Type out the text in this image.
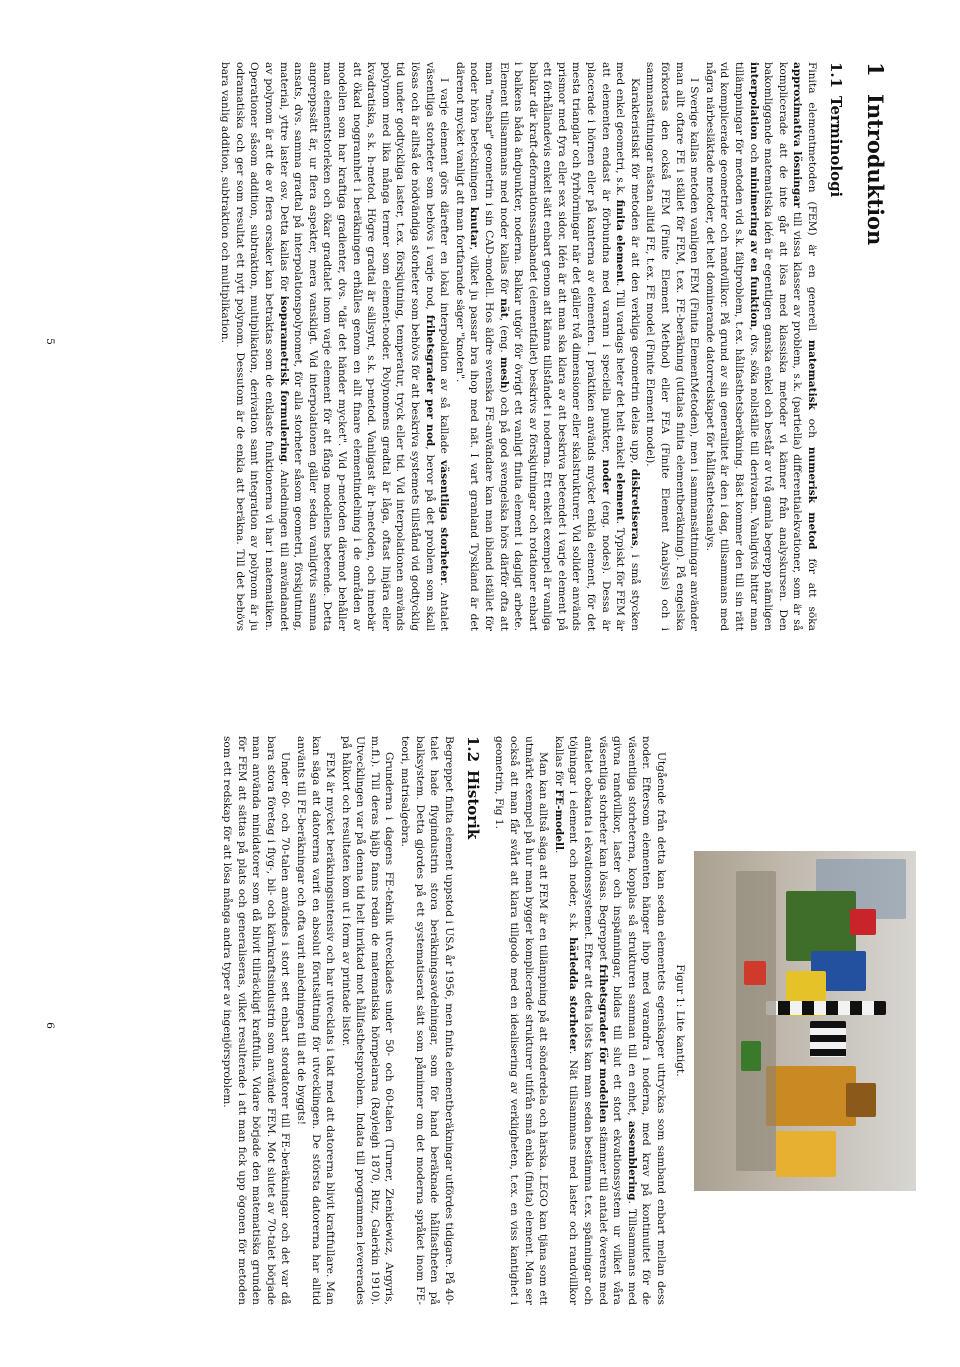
1Introduktion
1.1Terminologi

Finita elementmetoden (FEM) är en generell matematisk och numerisk metod för att söka approximativa lösningar till vissa klasser av problem, s.k. (partiella) differentialekvationer, som är så komplicerade att de inte går att lösa med klassiska metoder vi känner från analyskursen. Den bakomliggande matematiska idén är egentligen ganska enkel och består av två gamla begrepp nämligen interpolation och minimering av en funktion, dvs. söka nollställe till derivatan. Vanligtvis hittar man tillämpningar för metoden vid s.k. fältproblem, t.ex. hållfasthetsberäkning. Bäst kommer den till sin rätt vid komplicerade geometrier och randvillkor. På grund av sin generalitet är den i dag, tillsammans med några närbesläktade metoder, det helt dominerande datorredskapet för hållfasthetsanalys.

I Sverige kallas metoden vanligen FEM (Finita ElementMetoden), men i sammansättningar använder man allt oftare FE i stället för FEM, t.ex. FE-beräkning (uttalas finita elementberäkning). På engelska förkortas den också FEM (Finite Element Method) eller FEA (Finite Element Analysis) och i sammansättningar nästan alltid FE, t.ex. FE model (Finite Element model).

Karakteristiskt för metoden är att den verkliga geometrin delas upp, diskretiseras, i små stycken med enkel geometri, s.k. finita element. Till vardags heter det helt enkelt element. Typiskt för FEM är att elementen endast är förbundna med varann i speciella punkter, noder (eng. nodes). Dessa är placerade i hörnen eller på kanterna av elementen. I praktiken används mycket enkla element, för det mesta trianglar och fyrhörningar när det gäller två dimensioner eller skalstrukturer. Vid solider används prismor med fyra eller sex sidor. Idén är att man ska klara av att beskriva beteendet i varje element på ett förhållandevis enkelt sätt enbart genom att känna tillståndet i noderna. Ett enkelt exempel är vanliga balkar där kraft-deformationssambandet (elementfallet) beskrivs av förskjutningar och rotationer enbart i balkens båda ändpunkter, noderna. Balkar utgör för övrigt ett vanligt finita element i dagligt arbete. Element tillsammans med noder kallas för nät, (eng. mesh) och på god svengelska hörs därför ofta att man "meshar" geometrin i sin CAD-modell. Hos äldre svenska FE-användare kan man ibland istället för noder höra beteckningen knutar, vilket ju passar bra ihop med nät. I vart granland Tyskland är det därenot mycket vanligt att man fortfarande säger "knoten".

I varje element görs därefter en lokal interpolation av så kallade väsentliga storheter. Antalet väsentliga storheter som behövs i varje nod, frihetsgrader per nod, beror på det problem som skall lösas och är alltså de nödvändiga storheter som behövs för att beskriva systemets tillstånd vid godtycklig tid under godtyckliga laster, t.ex. förskjutning, temperatur, tryck eller tid. Vid interpolationen används polynom med lika många termer som element-noder. Polynomens gradtal är låga, oftast linjära eller kvadratiska, s.k. h-metod. Högre gradtal är sällsynt, s.k. p-metod. Vanligast är h-metoden, och innebär att ökad noggrannhet i beräkningen erhålles genom en allt finare elementindelning i de områden av modellen som har kraftiga gradienter, dvs. "där det händer mycket". Vid p-metoden däremot behåller man elementstorleken och ökar gradtalet inom varje element för att fånga modellens beteende. Detta angreppssätt är, ur flera aspekter, mera vanskligt. Vid interpolationen gäller sedan vanligtvis samma ansats, dvs. samma gradtal på interpolationspolynomet, för alla storheter såsom geometri, förskjutning, material, yttre laster osv. Detta kallas för isoparametrisk formulering. Anledningen till användandet av polynom är att de av flera orsaker kan betraktas som de enklaste funktionerna vi har i matematiken. Operationer såsom addition, subtraktion, multiplikation, derivation samt integration av polynom är ju odramatiska och ger som resultat ett nytt polynom. Dessutom är de enkla att beräkna. Till det behövs bara vanlig addition, subtraktion och multiplikation.

5
Figur 1: Lite kantigt.

Utgående från detta kan sedan elementets egenskaper uttryckas som samband enbart mellan dess noder. Eftersom elementen hänger ihop med varandra i noderna, med krav på kontinuitet för de väsentliga storheterna, kopplas så strukturen samman till en enhet, assemblering. Tillsammans med givna randvillkor, laster och inspänningar, bildas till slut ett stort ekvationssystem ur vilket våra väsentliga storheter kan lösas. Begreppet frihetsgrader för modellen stämmer till antalet överens med antalet obekanta i ekvationssystemet. Efter att detta lösts kan man sedan bestämma t.ex. spänningar och töjningar i element och noder, s.k. härledda storheter. Nät tillsammans med laster och randvillkor kallas för FE-modell.

Man kan alltså säga att FEM är en tillämpning på att sönderdela och härska. LEGO kan tjäna som ett utmärkt exempel på hur man bygger komplicerade strukturer utifrån små enkla (finita) element. Man ser också att man får svårt att klara tillgodo med en idealisering av verkligheten, t.ex. en viss kantighet i geometrin, Fig 1.

1.2Historik

Begreppet finita element uppstod i USA år 1956, men finita elementberäkningar utfördes tidigare. På 40-talet hade flygindustrin stora beräkningsavdelningar, som för hand beräknade hållfastheten på balksystem. Detta gjordes på ett systematiserat sätt som påminner om det moderna språket inom FE-teori, matrisalgebra.

Grunderna i dagens FE-teknik utvecklades under 50- och 60-talen (Turner, Zienkiewicz, Argyris, m.fl.). Till deras hjälp fanns redan de matematiska hörnpelarna (Rayleigh 1870, Ritz, Galerkin 1910). Utvecklingen var på denna tid helt inriktad mot hållfasthetsproblem. Indata till programmen levererades på hålkort och resultaten kom ut i form av printade listor.

FEM är mycket beräkningsintensiv och har utvecklats i takt med att datorerna blivit kraftfullare. Man kan säga att datorerna varit en absolut förutsättning för utvecklingen. De största datorerna har alltid använts till FE-beräkningar och ofta varit anledningen till att de byggts!

Under 60- och 70-talen användes i stort sett enbart stordatorer till FE-beräkningar och det var då bara stora företag i flyg-, bil- och kärnkraftsindustrin som använde FEM. Mot slutet av 70-talet började man använda minidatorer som då blivit tillräckligt kraftfulla. Vidare började den matematiska grunden för FEM att sättas på plats och generaliseras, vilket resulterade i att man fick upp ögonen för metoden som ett redskap för att lösa många andra typer av ingenjörsproblem.

6
